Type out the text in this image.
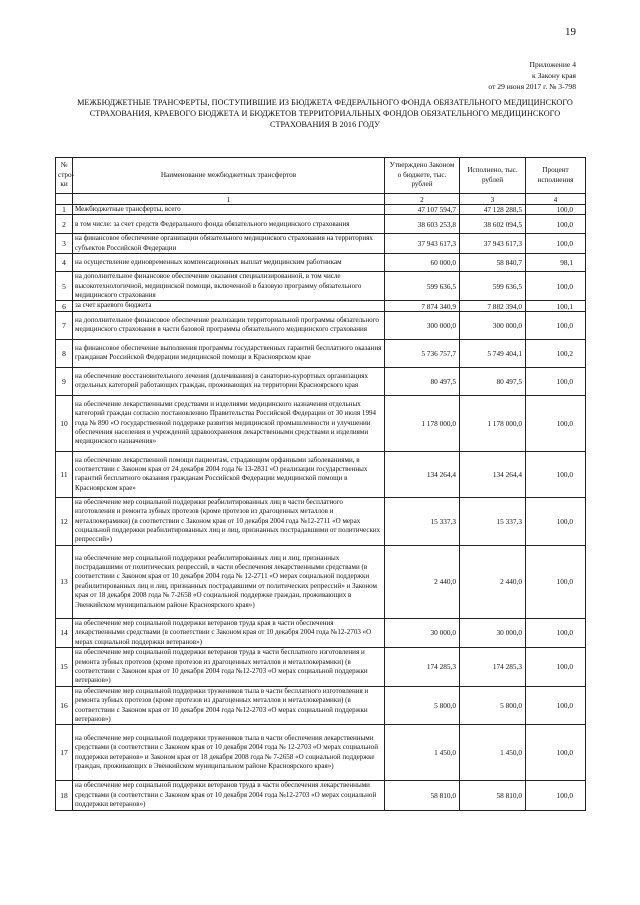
19
Приложение 4
к Закону края
от 29 июня 2017 г. № 3-798
МЕЖБЮДЖЕТНЫЕ ТРАНСФЕРТЫ, ПОСТУПИВШИЕ ИЗ БЮДЖЕТА ФЕДЕРАЛЬНОГО ФОНДА ОБЯЗАТЕЛЬНОГО МЕДИЦИНСКОГО
СТРАХОВАНИЯ, КРАЕВОГО БЮДЖЕТА И БЮДЖЕТОВ ТЕРРИТОРИАЛЬНЫХ ФОНДОВ ОБЯЗАТЕЛЬНОГО МЕДИЦИНСКОГО
СТРАХОВАНИЯ В 2016 ГОДУ
№ стро-ки	Наименование межбюджетных трансфертов	Утверждено Законом о бюджете, тыс. рублей	Исполнено, тыс. рублей	Процент исполнения
	1	2	3	4
1	Межбюджетные трансферты, всего	47 107 594,7	47 128 288,5	100,0
2	в том числе: за счет средств Федерального фонда обязательного медицинского страхования	38 603 253,8	38 602 094,5	100,0
3	на финансовое обеспечение организации обязательного медицинского страхования на территориях субъектов Российской Федерации	37 943 617,3	37 943 617,3	100,0
4	на осуществление единовременных компенсационных выплат медицинским работникам	60 000,0	58 840,7	98,1
5	на дополнительное финансовое обеспечение оказания специализированной, в том числе высокотехнологичной, медицинской помощи, включенной в базовую программу обязательного медицинского страхования	599 636,5	599 636,5	100,0
6	за счет краевого бюджета	7 874 340,9	7 882 394,0	100,1
7	на дополнительное финансовое обеспечение реализации территориальной программы обязательного медицинского страхования в части базовой программы обязательного медицинского страхования	300 000,0	300 000,0	100,0
8	на финансовое обеспечение выполнения программы государственных гарантий бесплатного оказания гражданам Российской Федерации медицинской помощи в Красноярском крае	5 736 757,7	5 749 404,1	100,2
9	на обеспечение восстановительного лечения (долечивания) в санаторно-курортных организациях отдельных категорий работающих граждан, проживающих на территории Красноярского края	80 497,5	80 497,5	100,0
10	на обеспечение лекарственными средствами и изделиями медицинского назначения отдельных категорий граждан согласно постановлению Правительства Российской Федерации от 30 июля 1994 года № 890 «О государственной поддержке развития медицинской промышленности и улучшении обеспечения населения и учреждений здравоохранения лекарственными средствами и изделиями медицинского назначения»	1 178 000,0	1 178 000,0	100,0
11	на обеспечение лекарственной помощи пациентам, страдающим орфанными заболеваниями, в соответствии с Законом края от 24 декабря 2004 года № 13-2831 «О реализации государственных гарантий бесплатного оказания гражданам Российской Федерации медицинской помощи в Красноярском крае»	134 264,4	134 264,4	100,0
12	на обеспечение мер социальной поддержки реабилитированных лиц в части бесплатного изготовления и ремонта зубных протезов (кроме протезов из драгоценных металлов и металлокерамики) (в соответствии с Законом края от 10 декабря 2004 года №12-2711 «О мерах социальной поддержки реабилитированных лиц и лиц, признанных пострадавшими от политических репрессий»)	15 337,3	15 337,3	100,0
13	на обеспечение мер социальной поддержки реабилитированных лиц и лиц, признанных пострадавшими от политических репрессий, в части обеспечения лекарственными средствами (в соответствии с Законом края от 10 декабря 2004 года № 12-2711 «О мерах социальной поддержки реабилитированных лиц и лиц, признанных пострадавшими от политических репрессий» и Законом края от 18 декабря 2008 года № 7-2658 «О социальной поддержке граждан, проживающих в Эвенкийском муниципальном районе Красноярского края»)	2 440,0	2 440,0	100,0
14	на обеспечение мер социальной поддержки ветеранов труда края в части обеспечения лекарственными средствами (в соответствии с Законом края от 10 декабря 2004 года №12-2703 «О мерах социальной поддержки ветеранов»)	30 000,0	30 000,0	100,0
15	на обеспечение мер социальной поддержки ветеранов труда в части бесплатного изготовления и ремонта зубных протезов (кроме протезов из драгоценных металлов и металлокерамики) (в соответствии с Законом края от 10 декабря 2004 года №12-2703 «О мерах социальной поддержки ветеранов»)	174 285,3	174 285,3	100,0
16	на обеспечение мер социальной поддержки тружеников тыла в части бесплатного изготовления и ремонта зубных протезов (кроме протезов из драгоценных металлов и металлокерамики) (в соответствии с Законом края от 10 декабря 2004 года №12-2703 «О мерах социальной поддержки ветеранов»)	5 800,0	5 800,0	100,0
17	на обеспечение мер социальной поддержки тружеников тыла в части обеспечения лекарственными средствами (в соответствии с Законом края от 10 декабря 2004 года № 12-2703 «О мерах социальной поддержки ветеранов» и Законом края от 18 декабря 2008 года № 7-2658 «О социальной поддержке граждан, проживающих в Эвенкийском муниципальном районе Красноярского края»)	1 450,0	1 450,0	100,0
18	на обеспечение мер социальной поддержки ветеранов труда в части обеспечения лекарственными средствами (в соответствии с Законом края от 10 декабря 2004 года №12-2703 «О мерах социальной поддержки ветеранов»)	58 810,0	58 810,0	100,0
